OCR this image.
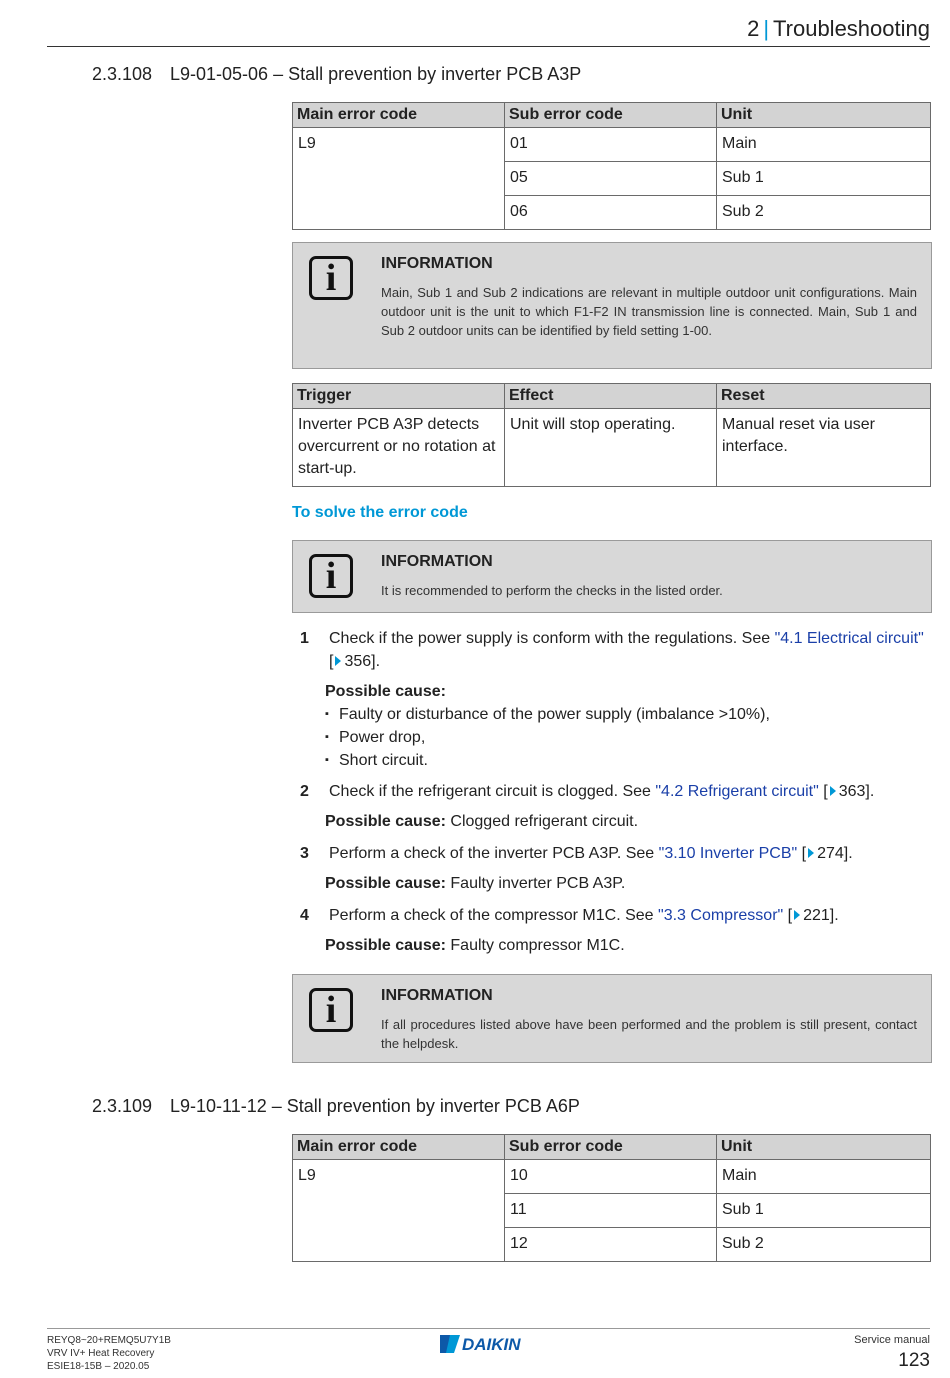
2 | Troubleshooting
2.3.108 L9-01-05-06 – Stall prevention by inverter PCB A3P
Main error code	Sub error code	Unit
L9	01	Main
	05	Sub 1
	06	Sub 2
i	INFORMATION
Main, Sub 1 and Sub 2 indications are relevant in multiple outdoor unit configurations. Main outdoor unit is the unit to which F1-F2 IN transmission line is connected. Main, Sub 1 and Sub 2 outdoor units can be identified by field setting 1-00.
Trigger	Effect	Reset
Inverter PCB A3P detects overcurrent or no rotation at start-up.	Unit will stop operating.	Manual reset via user interface.
To solve the error code
i	INFORMATION
It is recommended to perform the checks in the listed order.
1 Check if the power supply is conform with the regulations. See "4.1 Electrical circuit" [ 356].
Possible cause:
▪ Faulty or disturbance of the power supply (imbalance >10%),
▪ Power drop,
▪ Short circuit.
2 Check if the refrigerant circuit is clogged. See "4.2 Refrigerant circuit" [ 363].
Possible cause: Clogged refrigerant circuit.
3 Perform a check of the inverter PCB A3P. See "3.10 Inverter PCB" [ 274].
Possible cause: Faulty inverter PCB A3P.
4 Perform a check of the compressor M1C. See "3.3 Compressor" [ 221].
Possible cause: Faulty compressor M1C.
i	INFORMATION
If all procedures listed above have been performed and the problem is still present, contact the helpdesk.
2.3.109 L9-10-11-12 – Stall prevention by inverter PCB A6P
Main error code	Sub error code	Unit
L9	10	Main
	11	Sub 1
	12	Sub 2
REYQ8~20+REMQ5U7Y1B
VRV IV+ Heat Recovery
ESIE18-15B – 2020.05
DAIKIN	Service manual
123
